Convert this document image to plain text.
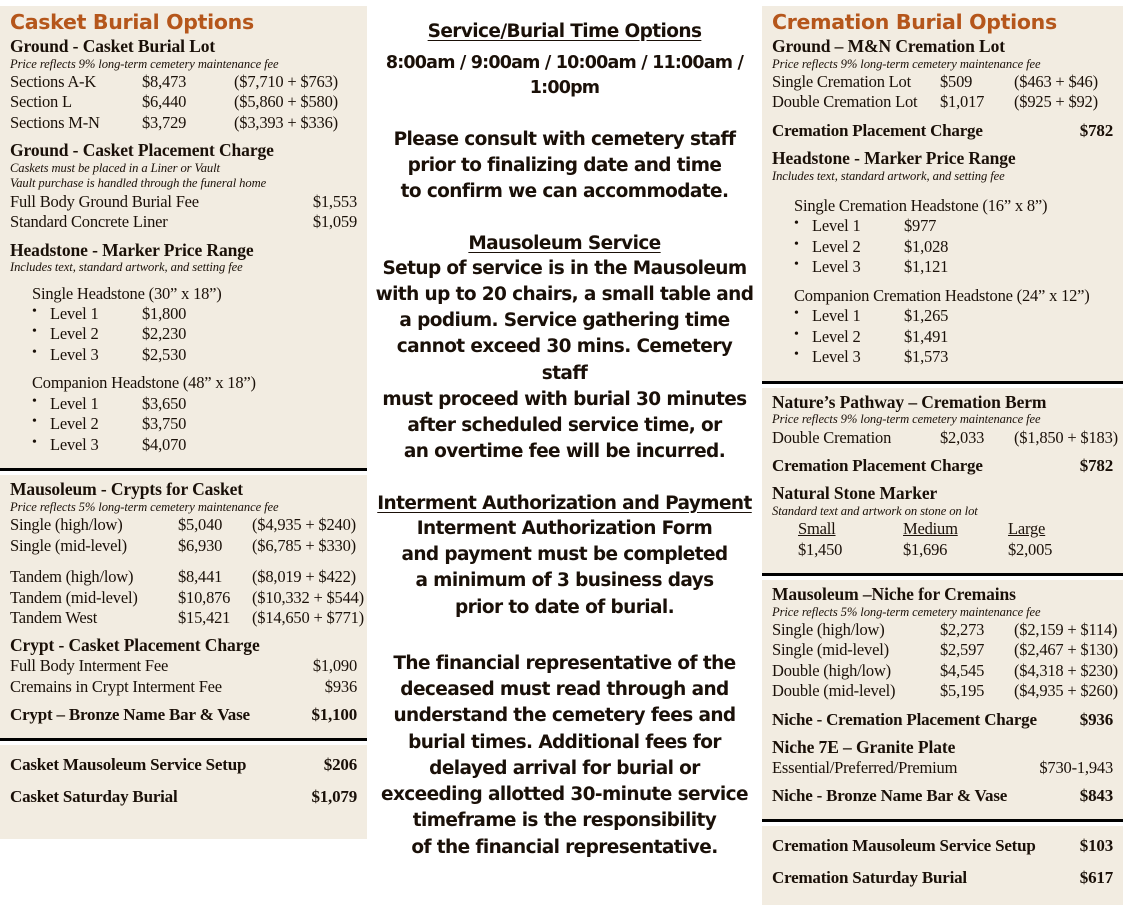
Casket Burial Options
Ground - Casket Burial Lot
Price reflects 9% long-term cemetery maintenance fee
Sections A-K	$8,473	($7,710 + $763)
Section L	$6,440	($5,860 + $580)
Sections M-N	$3,729	($3,393 + $336)
Ground - Casket Placement Charge
Caskets must be placed in a Liner or Vault
Vault purchase is handled through the funeral home
Full Body Ground Burial Fee	$1,553
Standard Concrete Liner	$1,059
Headstone - Marker Price Range
Includes text, standard artwork, and setting fee
Single Headstone (30” x 18”)
• Level 1	$1,800
• Level 2	$2,230
• Level 3	$2,530
Companion Headstone (48” x 18”)
• Level 1	$3,650
• Level 2	$3,750
• Level 3	$4,070
Mausoleum - Crypts for Casket
Price reflects 5% long-term cemetery maintenance fee
Single (high/low)	$5,040	($4,935 + $240)
Single (mid-level)	$6,930	($6,785 + $330)
Tandem (high/low)	$8,441	($8,019 + $422)
Tandem (mid-level)	$10,876	($10,332 + $544)
Tandem West	$15,421	($14,650 + $771)
Crypt - Casket Placement Charge
Full Body Interment Fee	$1,090
Cremains in Crypt Interment Fee	$936
Crypt – Bronze Name Bar & Vase	$1,100
Casket Mausoleum Service Setup	$206
Casket Saturday Burial	$1,079
Service/Burial Time Options
8:00am / 9:00am / 10:00am / 11:00am / 1:00pm
Please consult with cemetery staff
prior to finalizing date and time
to confirm we can accommodate.
Mausoleum Service
Setup of service is in the Mausoleum
with up to 20 chairs, a small table and
a podium. Service gathering time
cannot exceed 30 mins. Cemetery staff
must proceed with burial 30 minutes
after scheduled service time, or
an overtime fee will be incurred.
Interment Authorization and Payment
Interment Authorization Form
and payment must be completed
a minimum of 3 business days
prior to date of burial.
The financial representative of the
deceased must read through and
understand the cemetery fees and
burial times. Additional fees for
delayed arrival for burial or
exceeding allotted 30-minute service
timeframe is the responsibility
of the financial representative.
Cremation Burial Options
Ground – M&N Cremation Lot
Price reflects 9% long-term cemetery maintenance fee
Single Cremation Lot	$509	($463 + $46)
Double Cremation Lot	$1,017	($925 + $92)
Cremation Placement Charge	$782
Headstone - Marker Price Range
Includes text, standard artwork, and setting fee
Single Cremation Headstone (16” x 8”)
• Level 1	$977
• Level 2	$1,028
• Level 3	$1,121
Companion Cremation Headstone (24” x 12”)
• Level 1	$1,265
• Level 2	$1,491
• Level 3	$1,573
Nature’s Pathway – Cremation Berm
Price reflects 9% long-term cemetery maintenance fee
Double Cremation	$2,033	($1,850 + $183)
Cremation Placement Charge	$782
Natural Stone Marker
Standard text and artwork on stone on lot
Small	Medium	Large
$1,450	$1,696	$2,005
Mausoleum –Niche for Cremains
Price reflects 5% long-term cemetery maintenance fee
Single (high/low)	$2,273	($2,159 + $114)
Single (mid-level)	$2,597	($2,467 + $130)
Double (high/low)	$4,545	($4,318 + $230)
Double (mid-level)	$5,195	($4,935 + $260)
Niche - Cremation Placement Charge	$936
Niche 7E – Granite Plate
Essential/Preferred/Premium	$730-1,943
Niche - Bronze Name Bar & Vase	$843
Cremation Mausoleum Service Setup	$103
Cremation Saturday Burial	$617
